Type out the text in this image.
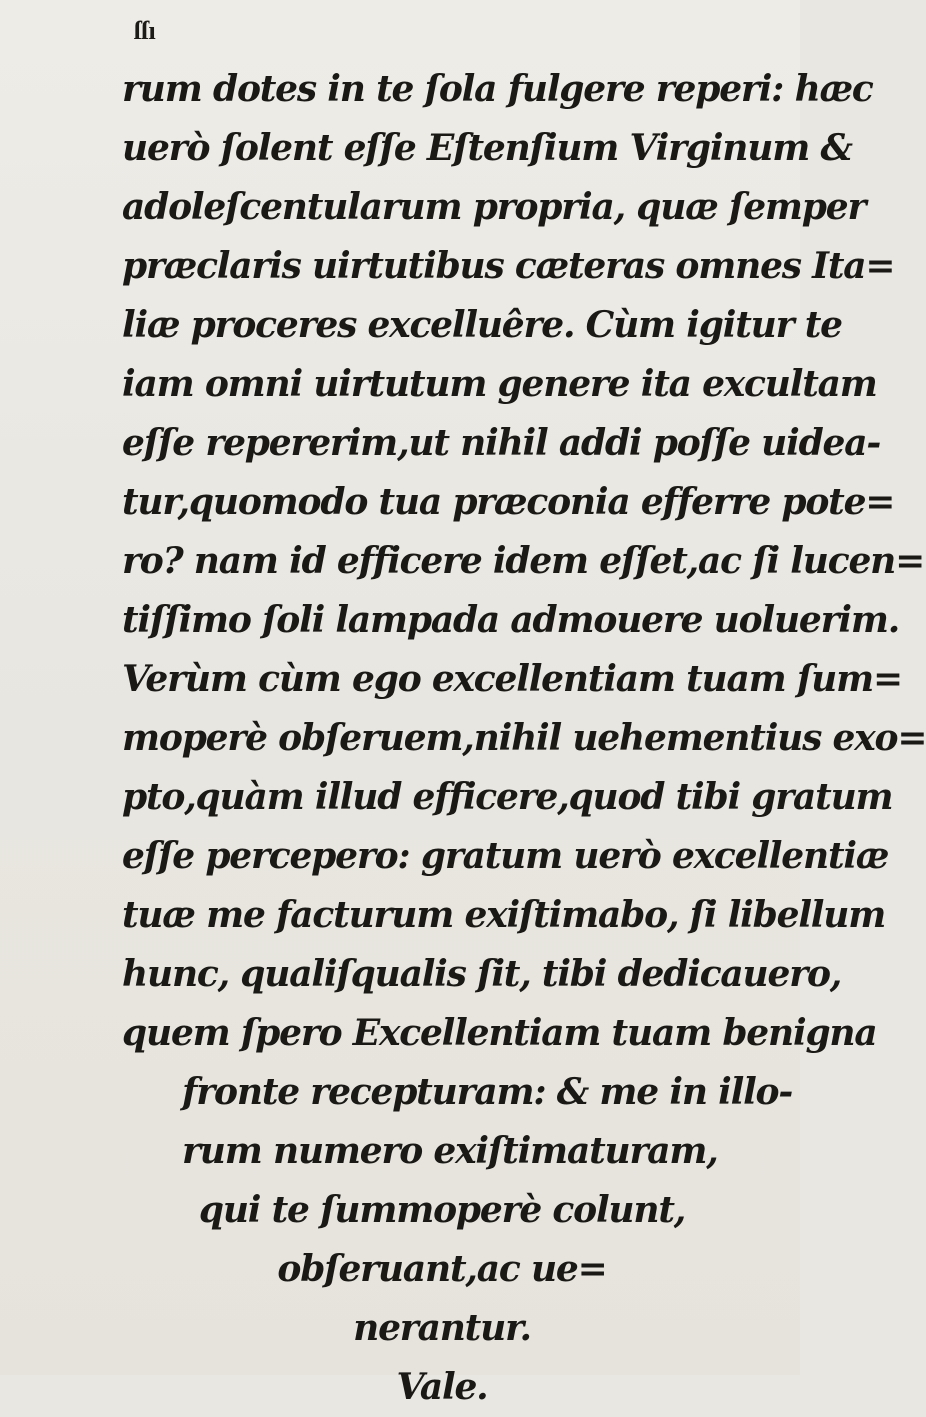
ſſı
rum dotes in te ſola fulgere reperi: hæc
uerò ſolent eſſe Eſtenſium Virginum &
adoleſcentularum propria, quæ ſemper
præclaris uirtutibus cæteras omnes Ita=
liæ proceres excelluêre. Cùm igitur te
iam omni uirtutum genere ita excultam
eſſe repererim,ut nihil addi poſſe uidea-
tur,quomodo tua præconia efferre pote=
ro? nam id efficere idem eſſet,ac ſi lucen=
tiſſimo ſoli lampada admouere uoluerim.
Verùm cùm ego excellentiam tuam ſum=
moperè obſeruem,nihil uehementius exo=
pto,quàm illud efficere,quod tibi gratum
eſſe percepero: gratum uerò excellentiæ
tuæ me facturum exiſtimabo, ſi libellum
hunc, qualiſqualis ſit, tibi dedicauero,
quem ſpero Excellentiam tuam benigna
fronte recepturam: & me in illo-
rum numero exiſtimaturam,
qui te ſummoperè colunt,
obſeruant,ac ue=
nerantur.
Vale.
